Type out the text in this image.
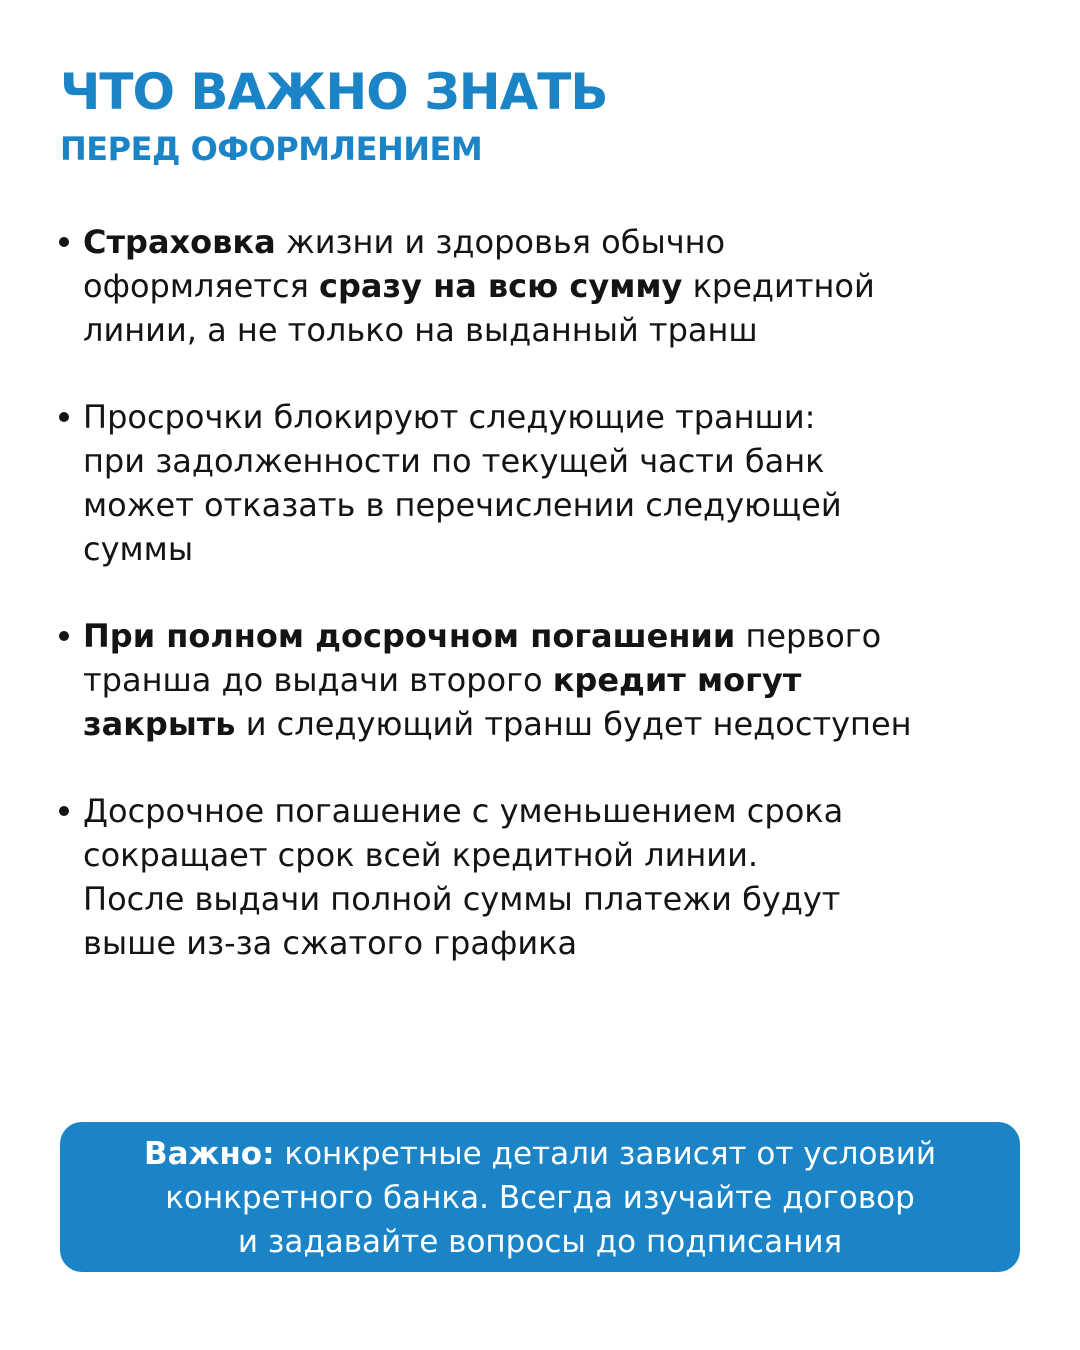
ЧТО ВАЖНО ЗНАТЬ
ПЕРЕД ОФОРМЛЕНИЕМ
Страховка жизни и здоровья обычно
оформляется сразу на всю сумму кредитной
линии, а не только на выданный транш
Просрочки блокируют следующие транши:
при задолженности по текущей части банк
может отказать в перечислении следующей
суммы
При полном досрочном погашении первого
транша до выдачи второго кредит могут
закрыть и следующий транш будет недоступен
Досрочное погашение с уменьшением срока
сокращает срок всей кредитной линии.
После выдачи полной суммы платежи будут
выше из-за сжатого графика
Важно: конкретные детали зависят от условий
конкретного банка. Всегда изучайте договор
и задавайте вопросы до подписания
